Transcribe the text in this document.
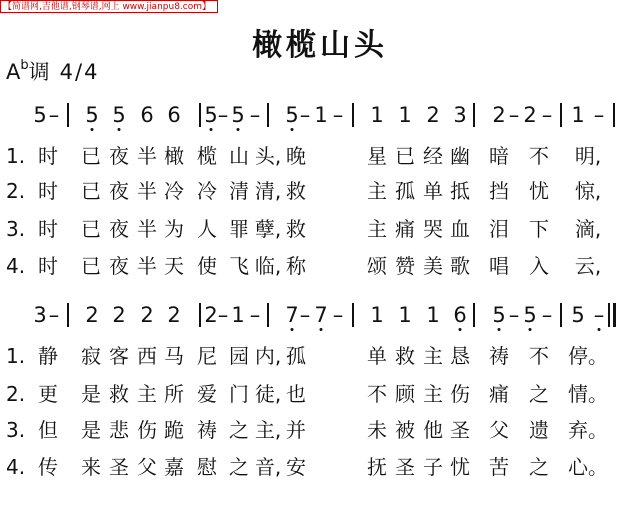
【简谱网,吉他谱,钢琴谱,网上 www.jianpu8.com】
橄榄山头
$A^b$调 4/4
5 – 5 5 6 6 5 – 5 – 5 – 1 – 1 1 2 3 2 – 2 – 1 –
1. 时 已 夜 半 橄 榄 山 头, 晚	星 已 经 幽 暗 不 明,
2. 时 已 夜 半 冷 冷 清 清, 救	主 孤 单 抵 挡 忧 惊,
3. 时 已 夜 半 为 人 罪 孽, 救	主 痛 哭 血 泪 下 滴,
4. 时 已 夜 半 天 使 飞 临, 称	颂 赞 美 歌 唱 入 云,
3 – 2 2 2 2 2 – 1 – 7 – 7 – 1 1 1 6 5 – 5 – 5 –
1. 静 寂 客 西 马 尼 园 内, 孤	单 救 主 恳 祷 不 停。
2. 更 是 救 主 所 爱 门 徒, 也	不 顾 主 伤 痛 之 情。
3. 但 是 悲 伤 跪 祷 之 主, 并	未 被 他 圣 父 遗 弃。
4. 传 来 圣 父 嘉 慰 之 音, 安	抚 圣 子 忧 苦 之 心。
